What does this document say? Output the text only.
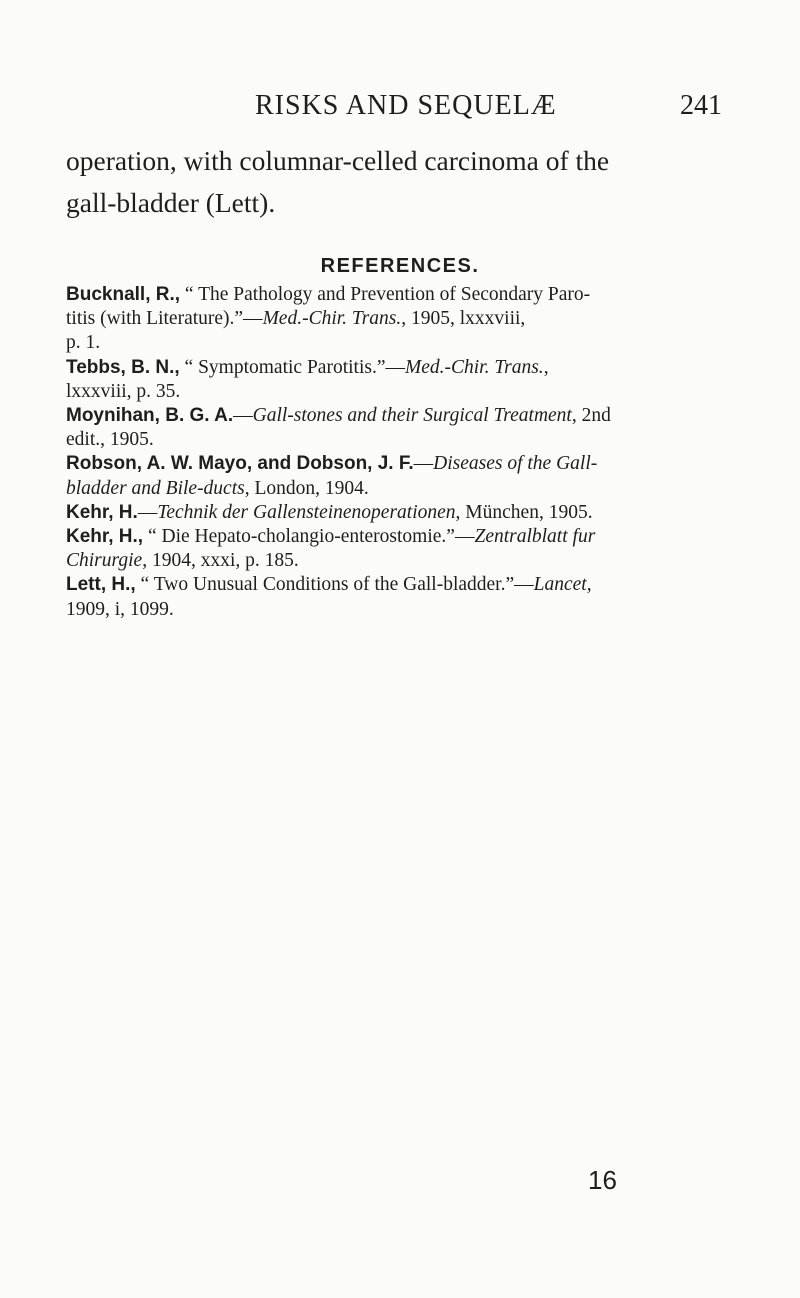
RISKS AND SEQUELÆ	241
operation, with columnar-celled carcinoma of the
gall-bladder (Lett).
REFERENCES.
Bucknall, R., “ The Pathology and Prevention of Secondary Paro-
titis (with Literature).”—Med.-Chir. Trans., 1905, lxxxviii,
p. 1.
Tebbs, B. N., “ Symptomatic Parotitis.”—Med.-Chir. Trans.,
lxxxviii, p. 35.
Moynihan, B. G. A.—Gall-stones and their Surgical Treatment, 2nd
edit., 1905.
Robson, A. W. Mayo, and Dobson, J. F.—Diseases of the Gall-
bladder and Bile-ducts, London, 1904.
Kehr, H.—Technik der Gallensteinenoperationen, München, 1905.
Kehr, H., “ Die Hepato-cholangio-enterostomie.”—Zentralblatt fur
Chirurgie, 1904, xxxi, p. 185.
Lett, H., “ Two Unusual Conditions of the Gall-bladder.”—Lancet,
1909, i, 1099.
16
